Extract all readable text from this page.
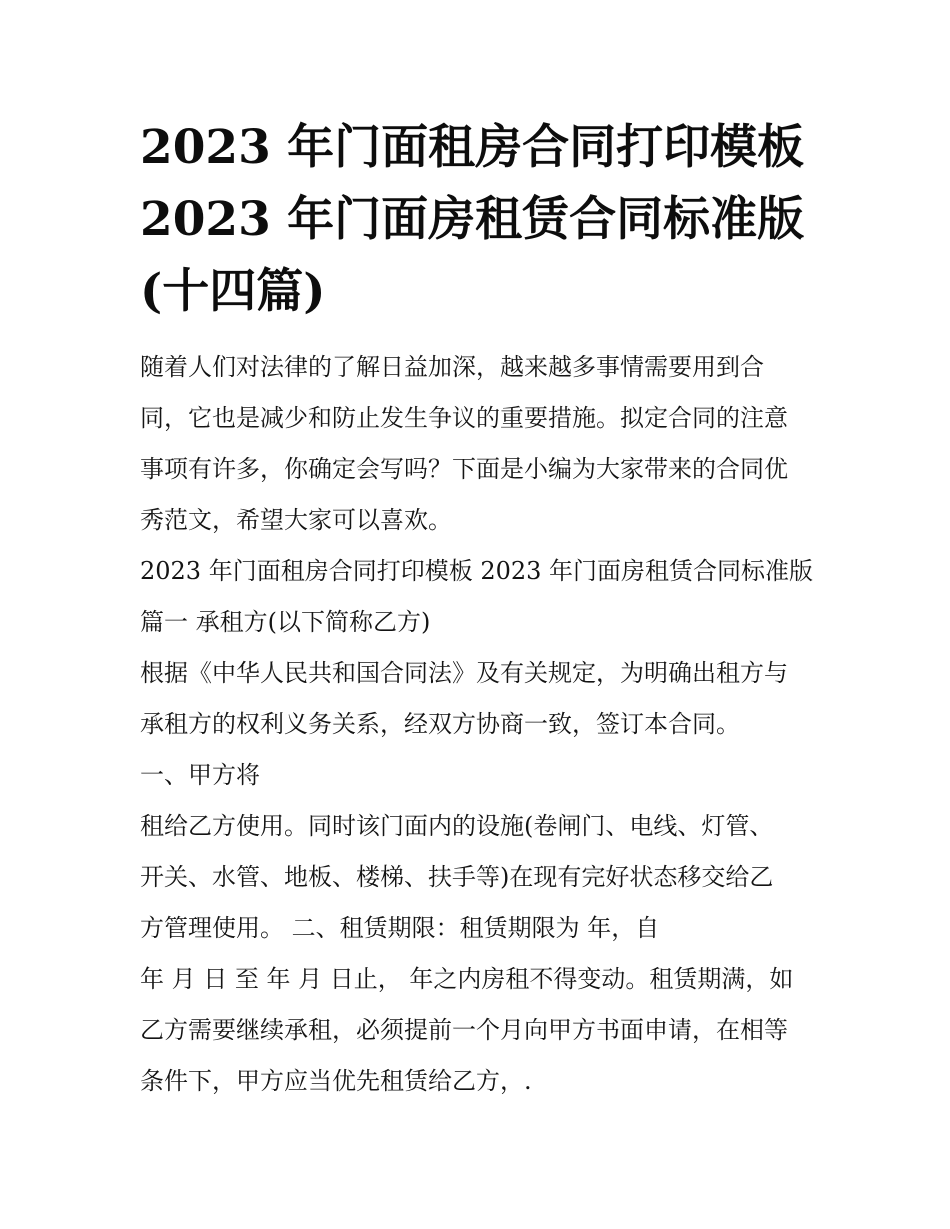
2023 年门面租房合同打印模板
2023 年门面房租赁合同标准版
(十四篇)

随着人们对法律的了解日益加深，越来越多事情需要用到合
同，它也是减少和防止发生争议的重要措施。拟定合同的注意
事项有许多，你确定会写吗？下面是小编为大家带来的合同优
秀范文，希望大家可以喜欢。

2023 年门面租房合同打印模板 2023 年门面房租赁合同标准版

篇一 承租方(以下简称乙方)

根据《中华人民共和国合同法》及有关规定，为明确出租方与
承租方的权利义务关系，经双方协商一致，签订本合同。

一、甲方将

租给乙方使用。同时该门面内的设施(卷闸门、电线、灯管、
开关、水管、地板、楼梯、扶手等)在现有完好状态移交给乙
方管理使用。 二、租赁期限：租赁期限为 年，自

年 月 日 至 年 月 日止， 年之内房租不得变动。租赁期满，如
乙方需要继续承租，必须提前一个月向甲方书面申请，在相等
条件下，甲方应当优先租赁给乙方，.
